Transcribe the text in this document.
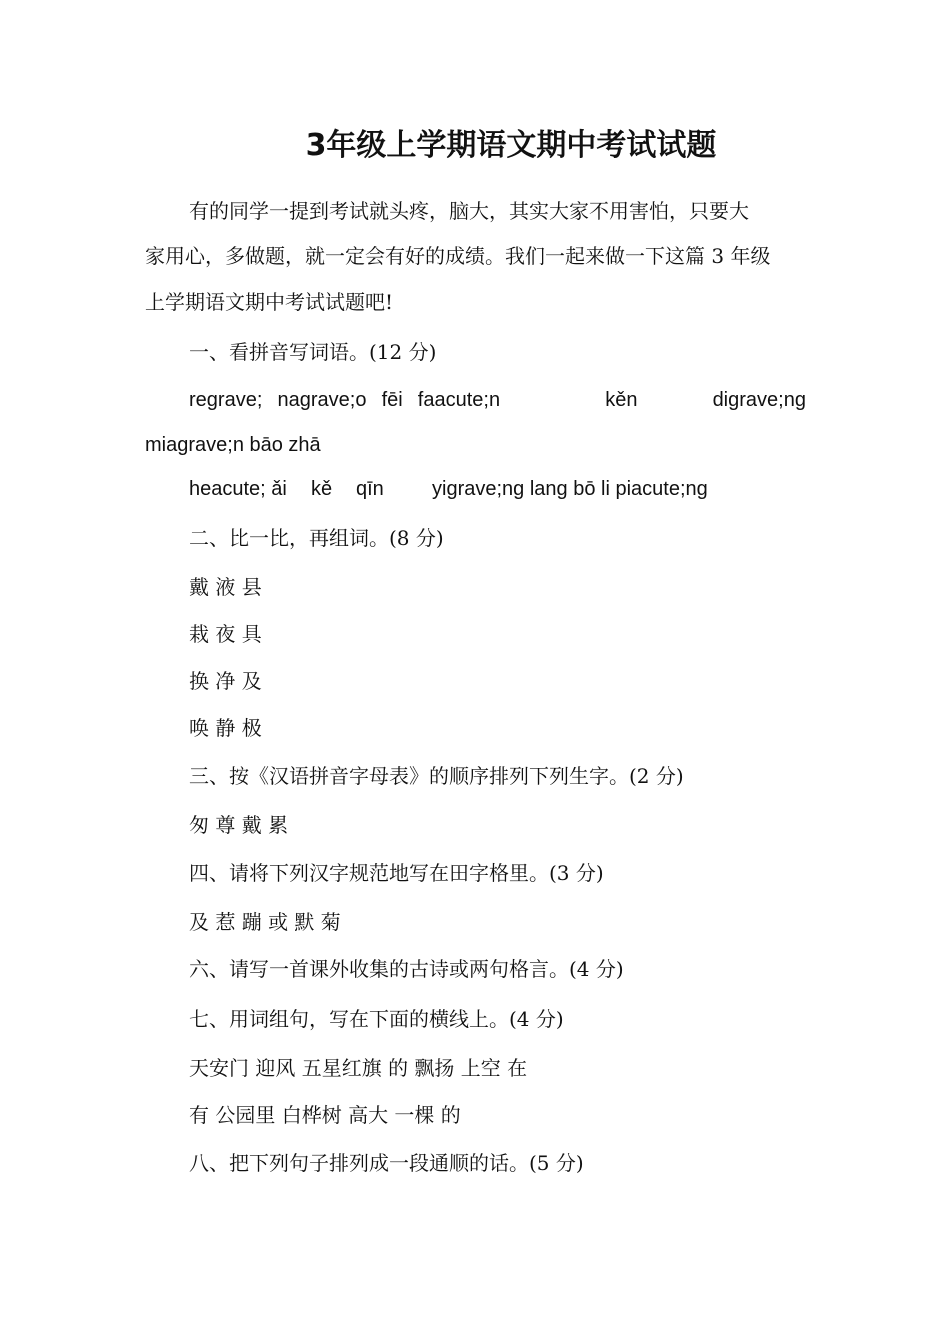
3年级上学期语文期中考试试题
有的同学一提到考试就头疼，脑大，其实大家不用害怕，只要大
家用心，多做题，就一定会有好的成绩。我们一起来做一下这篇 3 年级
上学期语文期中考试试题吧!
一、看拼音写词语。(12 分)
regrave; nagrave;o fēi faacute;n	kěn	digrave;ng
miagrave;n bāo zhā
heacute; ǎi kě qīn yigrave;ng lang bō li piacute;ng
二、比一比，再组词。(8 分)
戴 液 县
栽 夜 具
换 净 及
唤 静 极
三、按《汉语拼音字母表》的顺序排列下列生字。(2 分)
匆 尊 戴 累
四、请将下列汉字规范地写在田字格里。(3 分)
及 惹 蹦 或 默 菊
六、请写一首课外收集的古诗或两句格言。(4 分)
七、用词组句，写在下面的横线上。(4 分)
天安门 迎风 五星红旗 的 飘扬 上空 在
有 公园里 白桦树 高大 一棵 的
八、把下列句子排列成一段通顺的话。(5 分)
